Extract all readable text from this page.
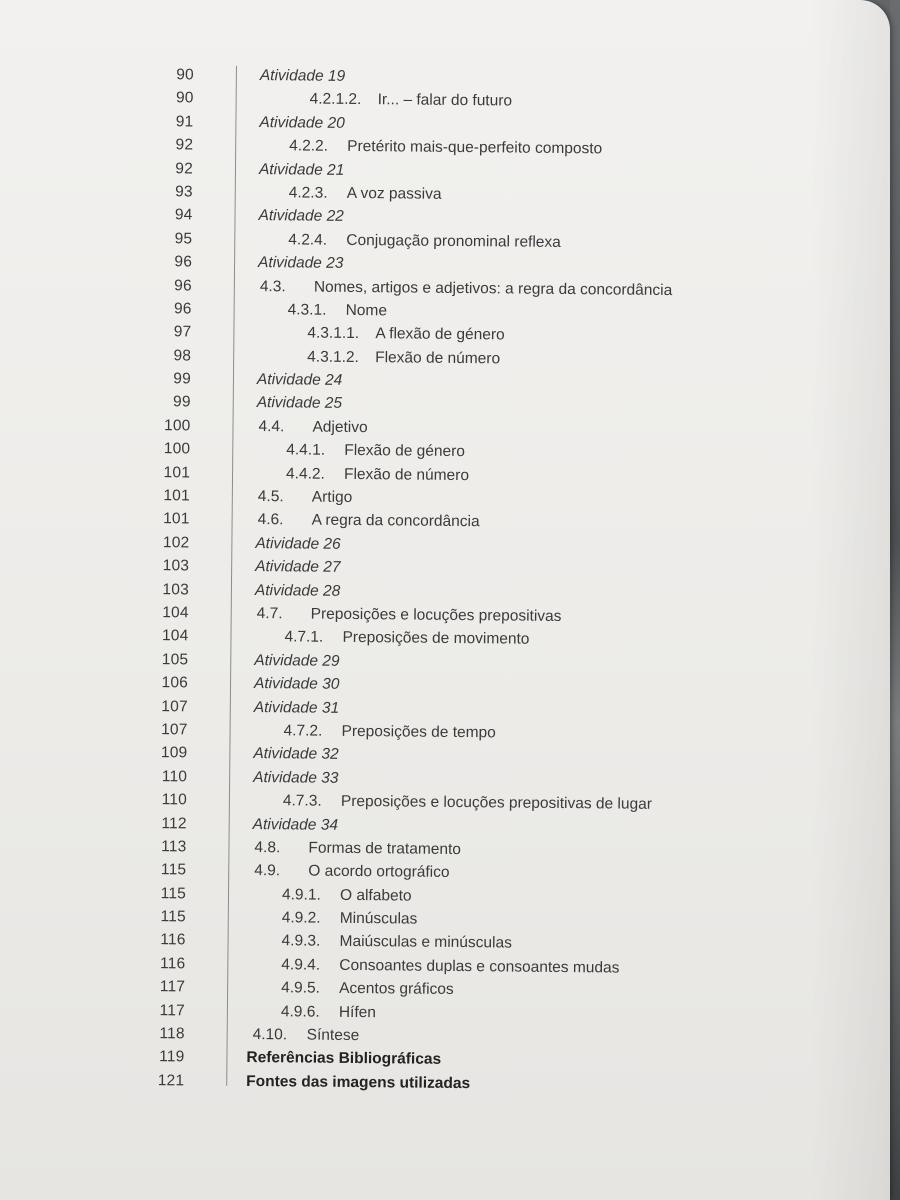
90	Atividade 19
90	4.2.1.2. Ir... – falar do futuro
91	Atividade 20
92	4.2.2. Pretérito mais-que-perfeito composto
92	Atividade 21
93	4.2.3. A voz passiva
94	Atividade 22
95	4.2.4. Conjugação pronominal reflexa
96	Atividade 23
96	4.3. Nomes, artigos e adjetivos: a regra da concordância
96	4.3.1. Nome
97	4.3.1.1. A flexão de género
98	4.3.1.2. Flexão de número
99	Atividade 24
99	Atividade 25
100	4.4. Adjetivo
100	4.4.1. Flexão de género
101	4.4.2. Flexão de número
101	4.5. Artigo
101	4.6. A regra da concordância
102	Atividade 26
103	Atividade 27
103	Atividade 28
104	4.7. Preposições e locuções prepositivas
104	4.7.1. Preposições de movimento
105	Atividade 29
106	Atividade 30
107	Atividade 31
107	4.7.2. Preposições de tempo
109	Atividade 32
110	Atividade 33
110	4.7.3. Preposições e locuções prepositivas de lugar
112	Atividade 34
113	4.8. Formas de tratamento
115	4.9. O acordo ortográfico
115	4.9.1. O alfabeto
115	4.9.2. Minúsculas
116	4.9.3. Maiúsculas e minúsculas
116	4.9.4. Consoantes duplas e consoantes mudas
117	4.9.5. Acentos gráficos
117	4.9.6. Hífen
118	4.10. Síntese
119	Referências Bibliográficas
121	Fontes das imagens utilizadas
